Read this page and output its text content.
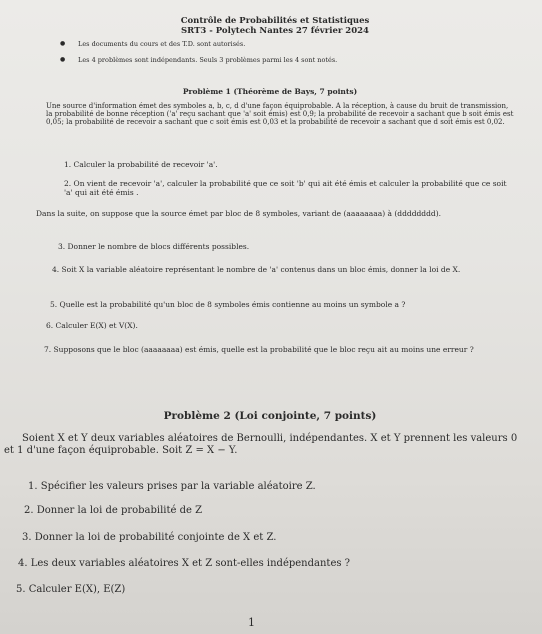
Contrôle de Probabilités et Statistiques
SRT3 - Polytech Nantes 27 février 2024
● Les documents du cours et des T.D. sont autorisés.
● Les 4 problèmes sont indépendants. Seuls 3 problèmes parmi les 4 sont notés.
Problème 1 (Théorème de Bays, 7 points)
Une source d'information émet des symboles a, b, c, d d'une façon équiprobable. A la réception, à cause du bruit de transmission, la probabilité de bonne réception ('a' reçu sachant que 'a' soit émis) est 0,9; la probabilité de recevoir a sachant que b soit émis est 0,05; la probabilité de recevoir a sachant que c soit émis est 0,03 et la probabilité de recevoir a sachant que d soit émis est 0,02.
1. Calculer la probabilité de recevoir 'a'.
2. On vient de recevoir 'a', calculer la probabilité que ce soit 'b' qui ait été émis et calculer la probabilité que ce soit 'a' qui ait été émis .
Dans la suite, on suppose que la source émet par bloc de 8 symboles, variant de (aaaaaaaa) à (dddddddd).
3. Donner le nombre de blocs différents possibles.
4. Soit X la variable aléatoire représentant le nombre de 'a' contenus dans un bloc émis, donner la loi de X.
5. Quelle est la probabilité qu'un bloc de 8 symboles émis contienne au moins un symbole a ?
6. Calculer E(X) et V(X).
7. Supposons que le bloc (aaaaaaaa) est émis, quelle est la probabilité que le bloc reçu ait au moins une erreur ?
Problème 2 (Loi conjointe, 7 points)
Soient X et Y deux variables aléatoires de Bernoulli, indépendantes. X et Y prennent les valeurs 0 et 1 d'une façon équiprobable. Soit Z = X − Y.
1. Spécifier les valeurs prises par la variable aléatoire Z.
2. Donner la loi de probabilité de Z
3. Donner la loi de probabilité conjointe de X et Z.
4. Les deux variables aléatoires X et Z sont-elles indépendantes ?
5. Calculer E(X), E(Z)
1
